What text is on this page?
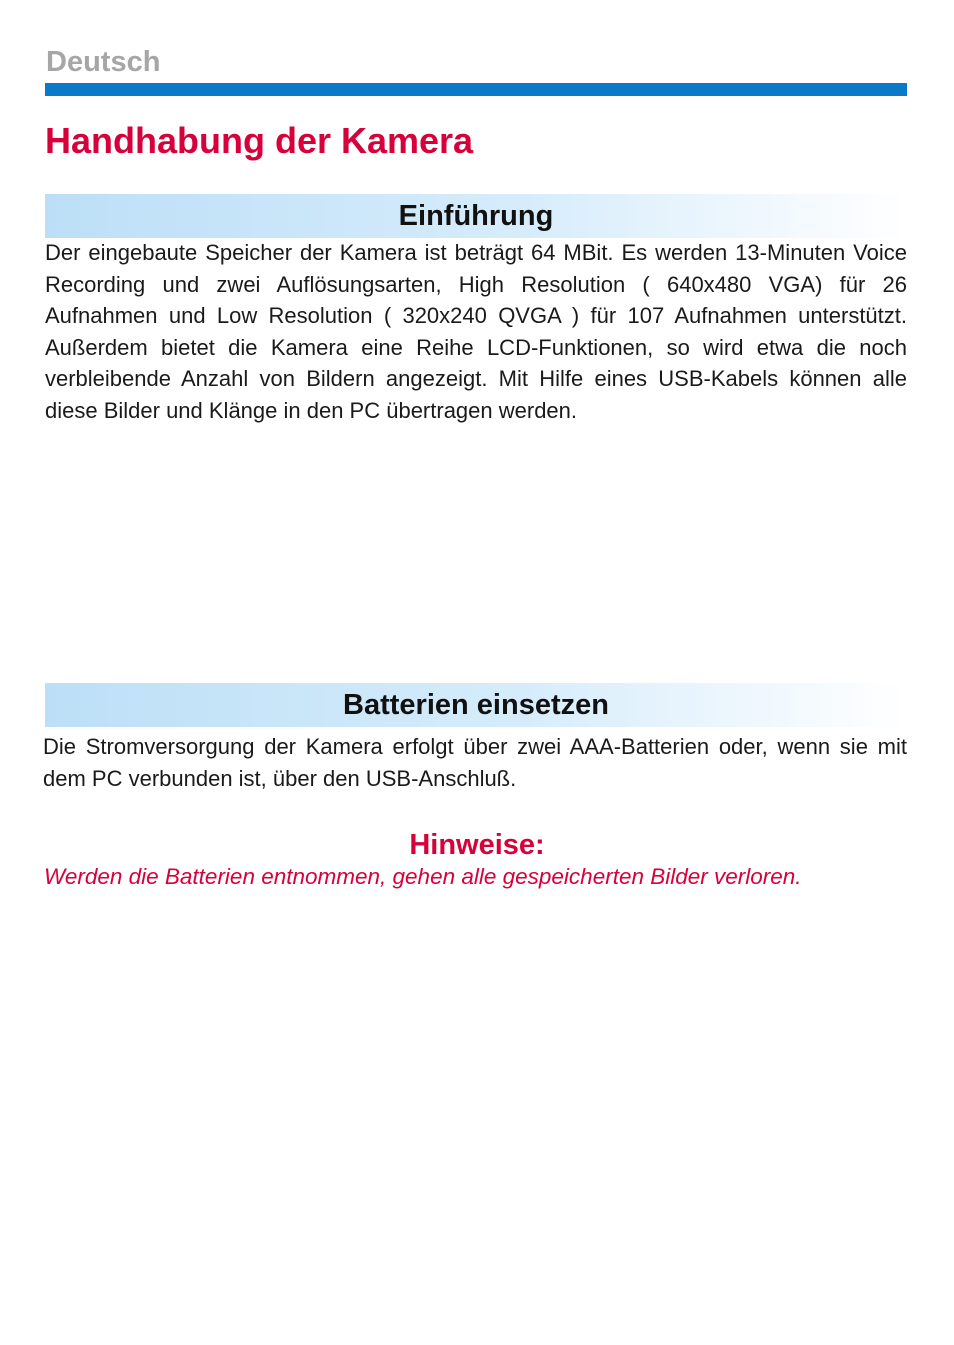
Deutsch
Handhabung der Kamera
Einführung

Der eingebaute Speicher der Kamera ist beträgt 64 MBit. Es werden 13-Minuten Voice Recording und zwei Auflösungsarten, High Resolution ( 640x480 VGA) für 26 Aufnahmen und Low Resolution ( 320x240 QVGA ) für 107 Aufnahmen unterstützt. Außerdem bietet die Kamera eine Reihe LCD-Funktionen, so wird etwa die noch verbleibende Anzahl von Bildern angezeigt. Mit Hilfe eines USB-Kabels können alle diese Bilder und Klänge in den PC übertragen werden.

Batterien einsetzen

Die Stromversorgung der Kamera erfolgt über zwei AAA-Batterien oder, wenn sie mit dem PC verbunden ist, über den USB-Anschluß.

Hinweise:

Werden die Batterien entnommen, gehen alle gespeicherten Bilder verloren.
